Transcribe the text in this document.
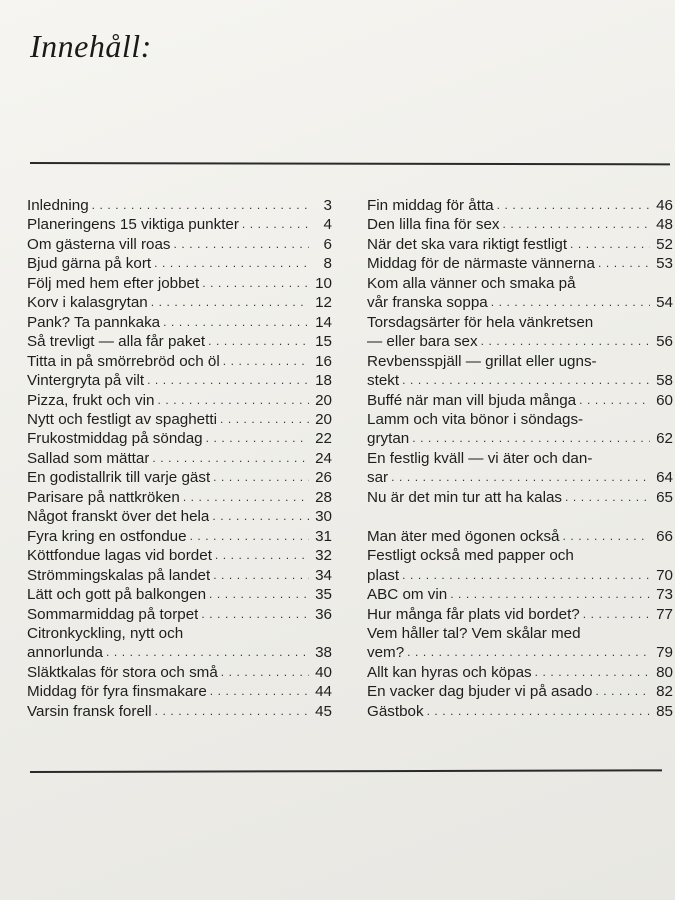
Innehåll:
Inledning . . .	3
Planeringens 15 viktiga punkter . . .	4
Om gästerna vill roas . . .	6
Bjud gärna på kort . . .	8
Följ med hem efter jobbet . . .	10
Korv i kalasgrytan . . .	12
Pank? Ta pannkaka . . .	14
Så trevligt — alla får paket . . .	15
Titta in på smörrebröd och öl . . .	16
Vintergryta på vilt . . .	18
Pizza, frukt och vin . . .	20
Nytt och festligt av spaghetti . . .	20
Frukostmiddag på söndag . . .	22
Sallad som mättar . . .	24
En godistallrik till varje gäst . . .	26
Parisare på nattkröken . . .	28
Något franskt över det hela . . .	30
Fyra kring en ostfondue . . .	31
Köttfondue lagas vid bordet . . .	32
Strömmingskalas på landet . . .	34
Lätt och gott på balkongen . . .	35
Sommarmiddag på torpet . . .	36
Citronkyckling, nytt och
annorlunda . . .	38
Släktkalas för stora och små . . .	40
Middag för fyra finsmakare . . .	44
Varsin fransk forell . . .	45
Fin middag för åtta . . .	46
Den lilla fina för sex . . .	48
När det ska vara riktigt festligt . . .	52
Middag för de närmaste vännerna . . .	53
Kom alla vänner och smaka på
vår franska soppa . . .	54
Torsdagsärter för hela vänkretsen
— eller bara sex . . .	56
Revbensspjäll — grillat eller ugns-
stekt . . .	58
Buffé när man vill bjuda många . . .	60
Lamm och vita bönor i söndags-
grytan . . .	62
En festlig kväll — vi äter och dan-
sar . . .	64
Nu är det min tur att ha kalas . . .	65
Man äter med ögonen också . . .	66
Festligt också med papper och
plast . . .	70
ABC om vin . . .	73
Hur många får plats vid bordet? . . .	77
Vem håller tal? Vem skålar med
vem? . . .	79
Allt kan hyras och köpas . . .	80
En vacker dag bjuder vi på asado . . .	82
Gästbok . . .	85
